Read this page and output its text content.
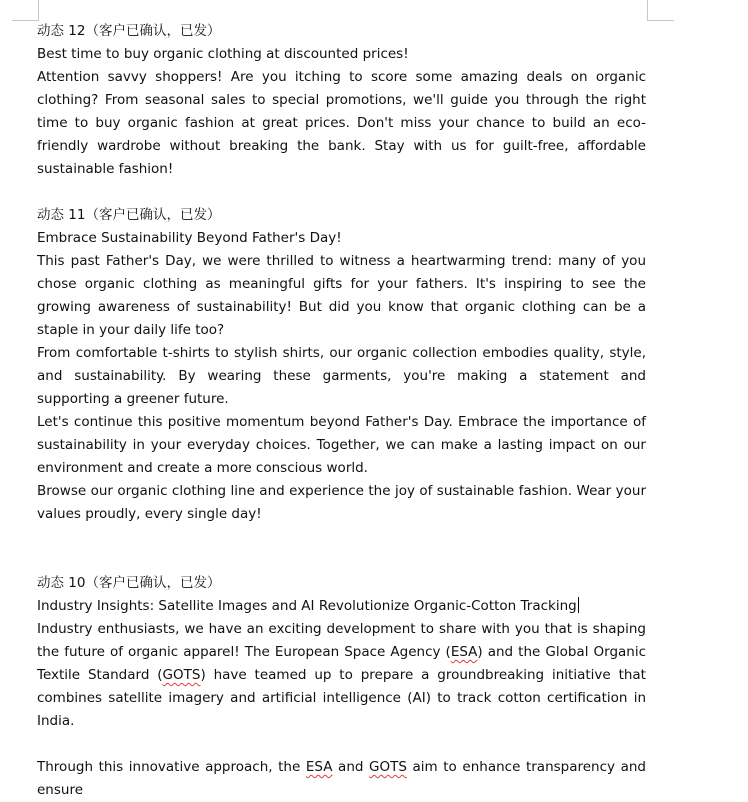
动态 12（客户已确认，已发）

Best time to buy organic clothing at discounted prices!

Attention savvy shoppers! Are you itching to score some amazing deals on organic clothing? From seasonal sales to special promotions, we'll guide you through the right time to buy organic fashion at great prices. Don't miss your chance to build an eco-friendly wardrobe without breaking the bank. Stay with us for guilt-free, affordable sustainable fashion!

动态 11（客户已确认，已发）

Embrace Sustainability Beyond Father's Day!

This past Father's Day, we were thrilled to witness a heartwarming trend: many of you chose organic clothing as meaningful gifts for your fathers. It's inspiring to see the growing awareness of sustainability! But did you know that organic clothing can be a staple in your daily life too?

From comfortable t-shirts to stylish shirts, our organic collection embodies quality, style, and sustainability. By wearing these garments, you're making a statement and supporting a greener future.

Let's continue this positive momentum beyond Father's Day. Embrace the importance of sustainability in your everyday choices. Together, we can make a lasting impact on our environment and create a more conscious world.

Browse our organic clothing line and experience the joy of sustainable fashion. Wear your values proudly, every single day!

动态 10（客户已确认，已发）

Industry Insights: Satellite Images and AI Revolutionize Organic-Cotton Tracking

Industry enthusiasts, we have an exciting development to share with you that is shaping the future of organic apparel! The European Space Agency (ESA) and the Global Organic Textile Standard (GOTS) have teamed up to prepare a groundbreaking initiative that combines satellite imagery and artificial intelligence (AI) to track cotton certification in India.

Through this innovative approach, the ESA and GOTS aim to enhance transparency and ensure
